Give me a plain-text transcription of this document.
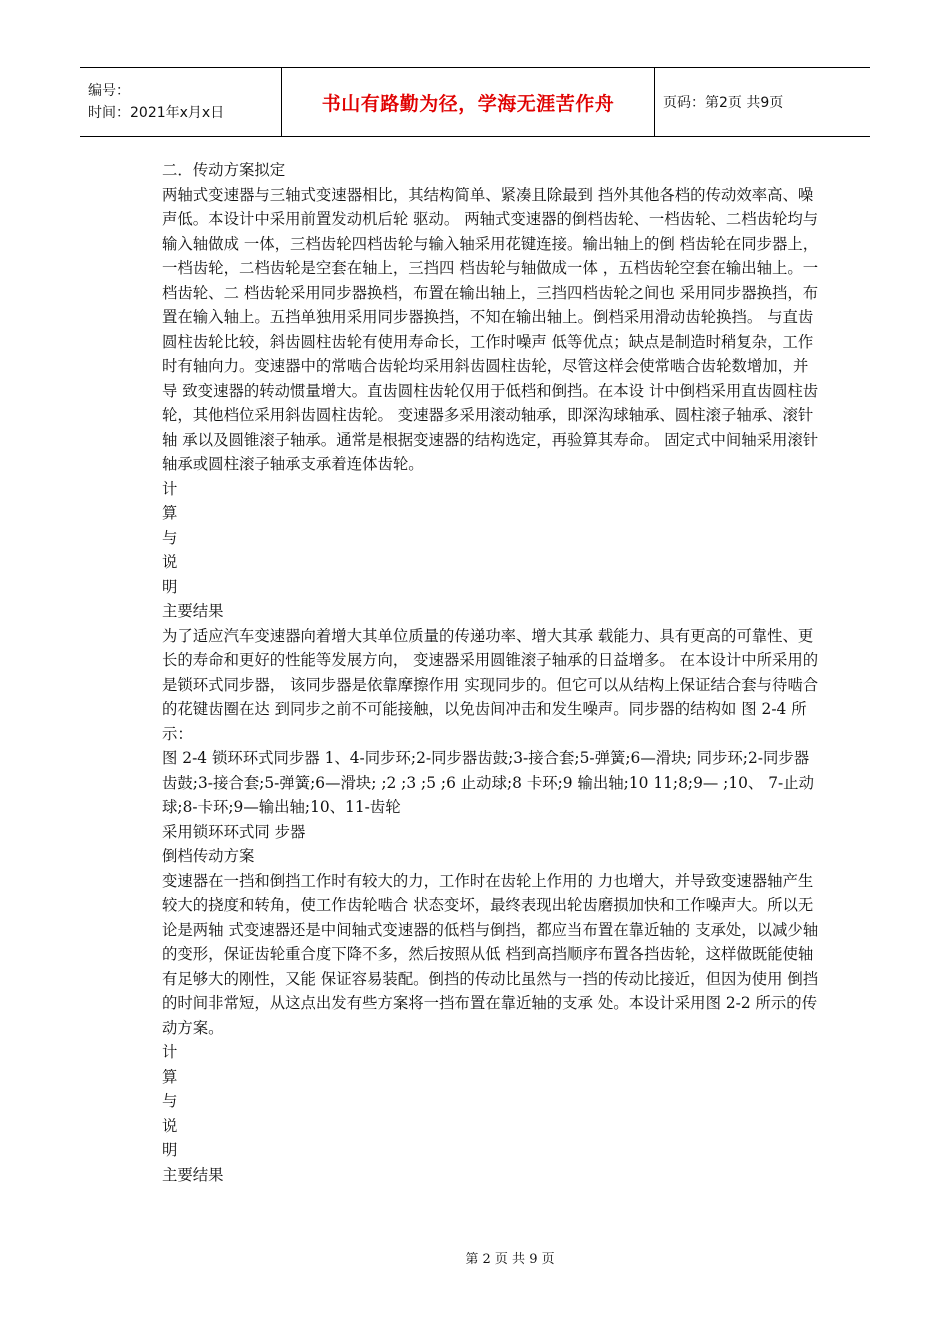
编号：
时间：2021年x月x日	书山有路勤为径，学海无涯苦作舟	页码：第2页 共9页

二．传动方案拟定

两轴式变速器与三轴式变速器相比，其结构简单、紧凑且除最到 挡外其他各档的传动效率高、噪声低。本设计中采用前置发动机后轮 驱动。 两轴式变速器的倒档齿轮、一档齿轮、二档齿轮均与输入轴做成 一体，三档齿轮四档齿轮与输入轴采用花键连接。输出轴上的倒 档齿轮在同步器上，一档齿轮，二档齿轮是空套在轴上，三挡四 档齿轮与轴做成一体 ，五档齿轮空套在输出轴上。一档齿轮、二 档齿轮采用同步器换档，布置在输出轴上，三挡四档齿轮之间也 采用同步器换挡，布置在输入轴上。五挡单独用采用同步器换挡，不知在输出轴上。倒档采用滑动齿轮换挡。 与直齿圆柱齿轮比较，斜齿圆柱齿轮有使用寿命长，工作时噪声 低等优点；缺点是制造时稍复杂，工作时有轴向力。变速器中的常啮合齿轮均采用斜齿圆柱齿轮，尽管这样会使常啮合齿轮数增加，并导 致变速器的转动惯量增大。直齿圆柱齿轮仅用于低档和倒挡。在本设 计中倒档采用直齿圆柱齿轮，其他档位采用斜齿圆柱齿轮。 变速器多采用滚动轴承，即深沟球轴承、圆柱滚子轴承、滚针轴 承以及圆锥滚子轴承。通常是根据变速器的结构选定，再验算其寿命。 固定式中间轴采用滚针轴承或圆柱滚子轴承支承着连体齿轮。

计

算

与

说

明

主要结果

为了适应汽车变速器向着增大其单位质量的传递功率、增大其承 载能力、具有更高的可靠性、更长的寿命和更好的性能等发展方向， 变速器采用圆锥滚子轴承的日益增多。 在本设计中所采用的是锁环式同步器， 该同步器是依靠摩擦作用 实现同步的。但它可以从结构上保证结合套与待啮合的花键齿圈在达 到同步之前不可能接触，以免齿间冲击和发生噪声。同步器的结构如 图 2-4 所示：

图 2-4 锁环环式同步器 1、4-同步环;2-同步器齿鼓;3-接合套;5-弹簧;6—滑块; 同步环;2-同步器齿鼓;3-接合套;5-弹簧;6—滑块; ;2 ;3 ;5 ;6 止动球;8 卡环;9 输出轴;10 11;8;9— ;10、 7-止动球;8-卡环;9—输出轴;10、11-齿轮

采用锁环环式同 步器

倒档传动方案

变速器在一挡和倒挡工作时有较大的力，工作时在齿轮上作用的 力也增大，并导致变速器轴产生较大的挠度和转角，使工作齿轮啮合 状态变坏，最终表现出轮齿磨损加快和工作噪声大。所以无论是两轴 式变速器还是中间轴式变速器的低档与倒挡，都应当布置在靠近轴的 支承处，以减少轴的变形，保证齿轮重合度下降不多，然后按照从低 档到高挡顺序布置各挡齿轮，这样做既能使轴有足够大的刚性，又能 保证容易装配。倒挡的传动比虽然与一挡的传动比接近，但因为使用 倒挡的时间非常短，从这点出发有些方案将一挡布置在靠近轴的支承 处。本设计采用图 2-2 所示的传动方案。

计

算

与

说

明

主要结果

第 2 页 共 9 页
